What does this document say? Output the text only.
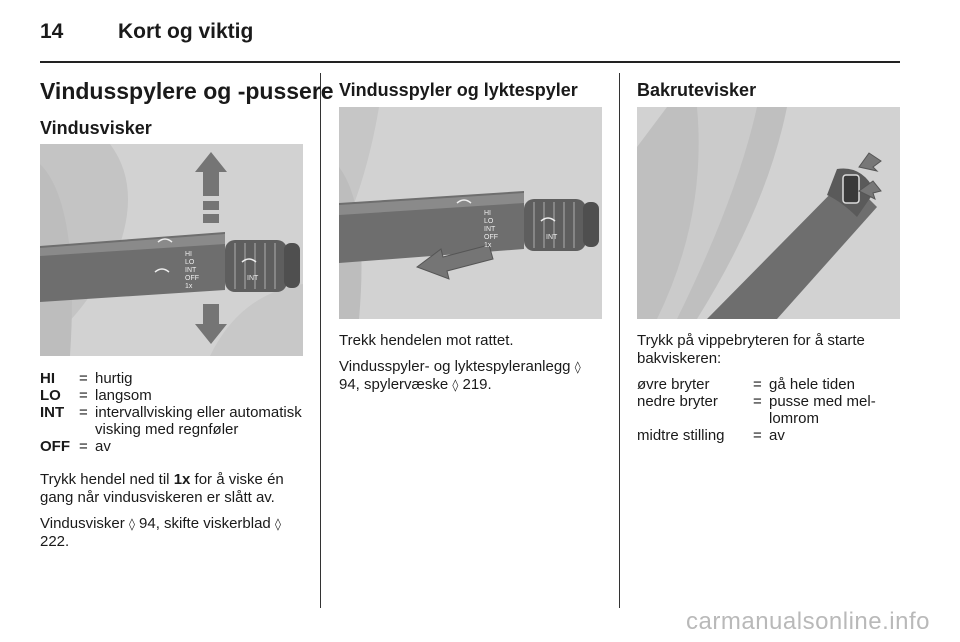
14	Kort og viktig
Vindusspylere og -pussere
Vindusvisker
HI
LO
INT
OFF
1x
INT
HI	= hurtig
LO	= langsom
INT = intervallvisking eller automatisk visking med regnføler
OFF = av

Trykk hendel ned til 1x for å viske én gang når vindusviskeren er slått av.

Vindusvisker ◊ 94, skifte viskerblad ◊ 222.

Vindusspyler og lyktespyler
HI
LO
INT
OFF
1x
INT

Trekk hendelen mot rattet.

Vindusspyler- og lyktespyleranlegg ◊ 94, spylervæske ◊ 219.

Bakrutevisker
Trykk på vippebryteren for å starte bakviskeren:
øvre bryter	= gå hele tiden
nedre bryter	= pusse med mellomrom
midtre stilling	= av
carmanualsonline.info
